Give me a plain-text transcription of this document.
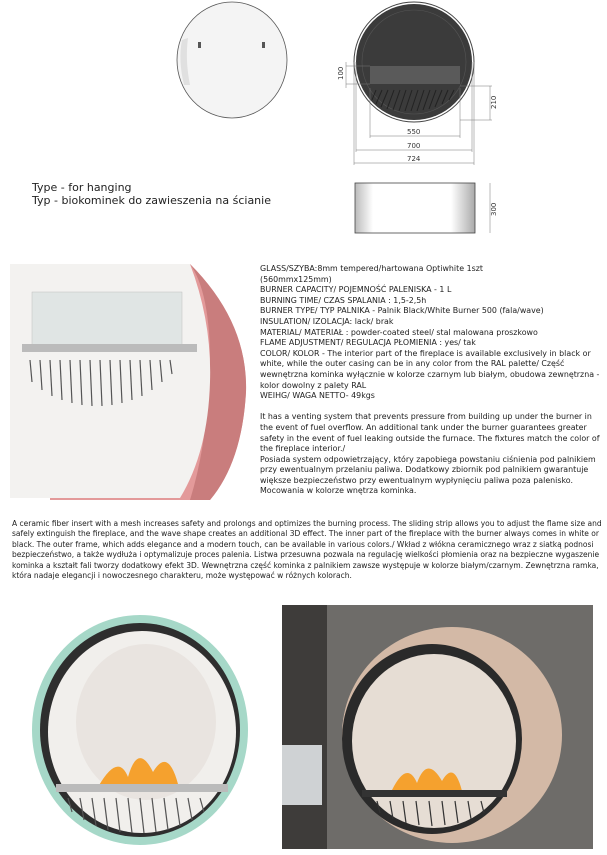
100
210
550
700
724
300
Type - for hanging
Typ - biokominek do zawieszenia na ścianie

GLASS/SZYBA:8mm tempered/hartowana Optiwhite 1szt

(560mmx125mm)

BURNER CAPACITY/ POJEMNOŚĆ PALENISKA - 1 L

BURNING TIME/ CZAS SPALANIA : 1,5-2,5h

BURNER TYPE/ TYP PALNIKA - Palnik Black/White Burner 500 (fala/wave)

INSULATION/ IZOLACJA: lack/ brak

MATERIAL/ MATERIAŁ : powder-coated steel/ stal malowana proszkowo

FLAME ADJUSTMENT/ REGULACJA PŁOMIENIA : yes/ tak

COLOR/ KOLOR - The interior part of the fireplace is available exclusively in black or white, while the outer casing can be in any color from the RAL palette/ Część wewnętrzna kominka wyłącznie w kolorze czarnym lub białym, obudowa zewnętrzna - kolor dowolny z palety RAL

WEIHG/ WAGA NETTO- 49kgs

It has a venting system that prevents pressure from building up under the burner in the event of fuel overflow. An additional tank under the burner guarantees greater safety in the event of fuel leaking outside the furnace. The fixtures match the color of the fireplace interior./

Posiada system odpowietrzający, który zapobiega powstaniu ciśnienia pod palnikiem przy ewentualnym przelaniu paliwa. Dodatkowy zbiornik pod palnikiem gwarantuje większe bezpieczeństwo przy ewentualnym wypłynięciu paliwa poza palenisko.

Mocowania w kolorze wnętrza kominka.

A ceramic fiber insert with a mesh increases safety and prolongs and optimizes the burning process. The sliding strip allows you to adjust the flame size and safely extinguish the fireplace, and the wave shape creates an additional 3D effect. The inner part of the fireplace with the burner always comes in white or black. The outer frame, which adds elegance and a modern touch, can be available in various colors./ Wkład z włókna ceramicznego wraz z siatką podnosi bezpieczeństwo, a także wydłuża i optymalizuje proces palenia. Listwa przesuwna pozwala na regulację wielkości płomienia oraz na bezpieczne wygaszenie kominka a kształt fali tworzy dodatkowy efekt 3D. Wewnętrzna część kominka z palnikiem zawsze występuje w kolorze białym/czarnym. Zewnętrzna ramka, która nadaje elegancji i nowoczesnego charakteru, może występować w różnych kolorach.
